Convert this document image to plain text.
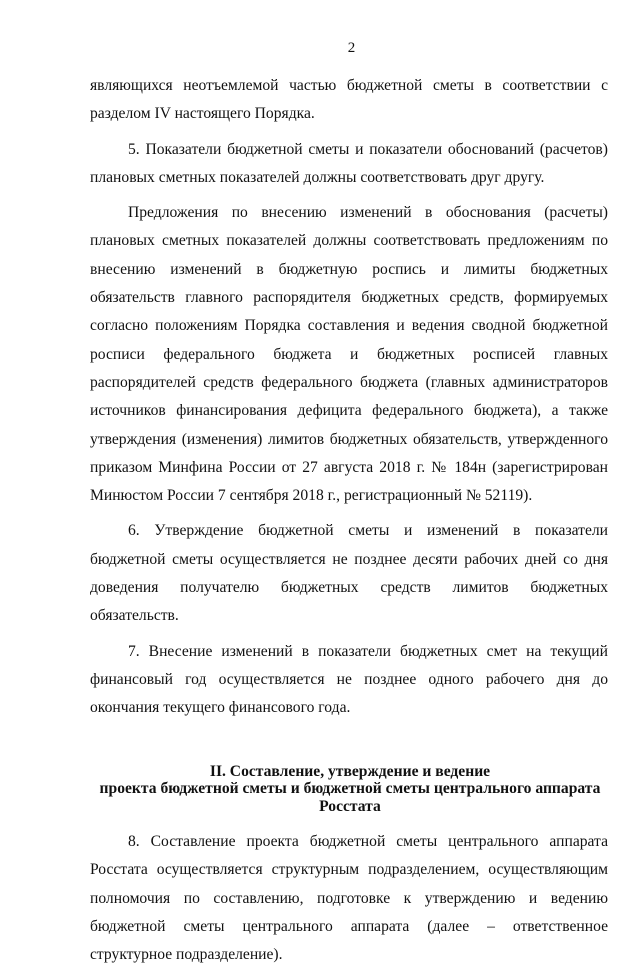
2

являющихся неотъемлемой частью бюджетной сметы в соответствии с разделом IV настоящего Порядка.

5. Показатели бюджетной сметы и показатели обоснований (расчетов) плановых сметных показателей должны соответствовать друг другу.

Предложения по внесению изменений в обоснования (расчеты) плановых сметных показателей должны соответствовать предложениям по внесению изменений в бюджетную роспись и лимиты бюджетных обязательств главного распорядителя бюджетных средств, формируемых согласно положениям Порядка составления и ведения сводной бюджетной росписи федерального бюджета и бюджетных росписей главных распорядителей средств федерального бюджета (главных администраторов источников финансирования дефицита федерального бюджета), а также утверждения (изменения) лимитов бюджетных обязательств, утвержденного приказом Минфина России от 27 августа 2018 г. № 184н (зарегистрирован Минюстом России 7 сентября 2018 г., регистрационный № 52119).

6. Утверждение бюджетной сметы и изменений в показатели бюджетной сметы осуществляется не позднее десяти рабочих дней со дня доведения получателю бюджетных средств лимитов бюджетных обязательств.

7. Внесение изменений в показатели бюджетных смет на текущий финансовый год осуществляется не позднее одного рабочего дня до окончания текущего финансового года.

II. Составление, утверждение и ведение
проекта бюджетной сметы и бюджетной сметы центрального аппарата
Росстата

8. Составление проекта бюджетной сметы центрального аппарата Росстата осуществляется структурным подразделением, осуществляющим полномочия по составлению, подготовке к утверждению и ведению бюджетной сметы центрального аппарата (далее – ответственное структурное подразделение).
